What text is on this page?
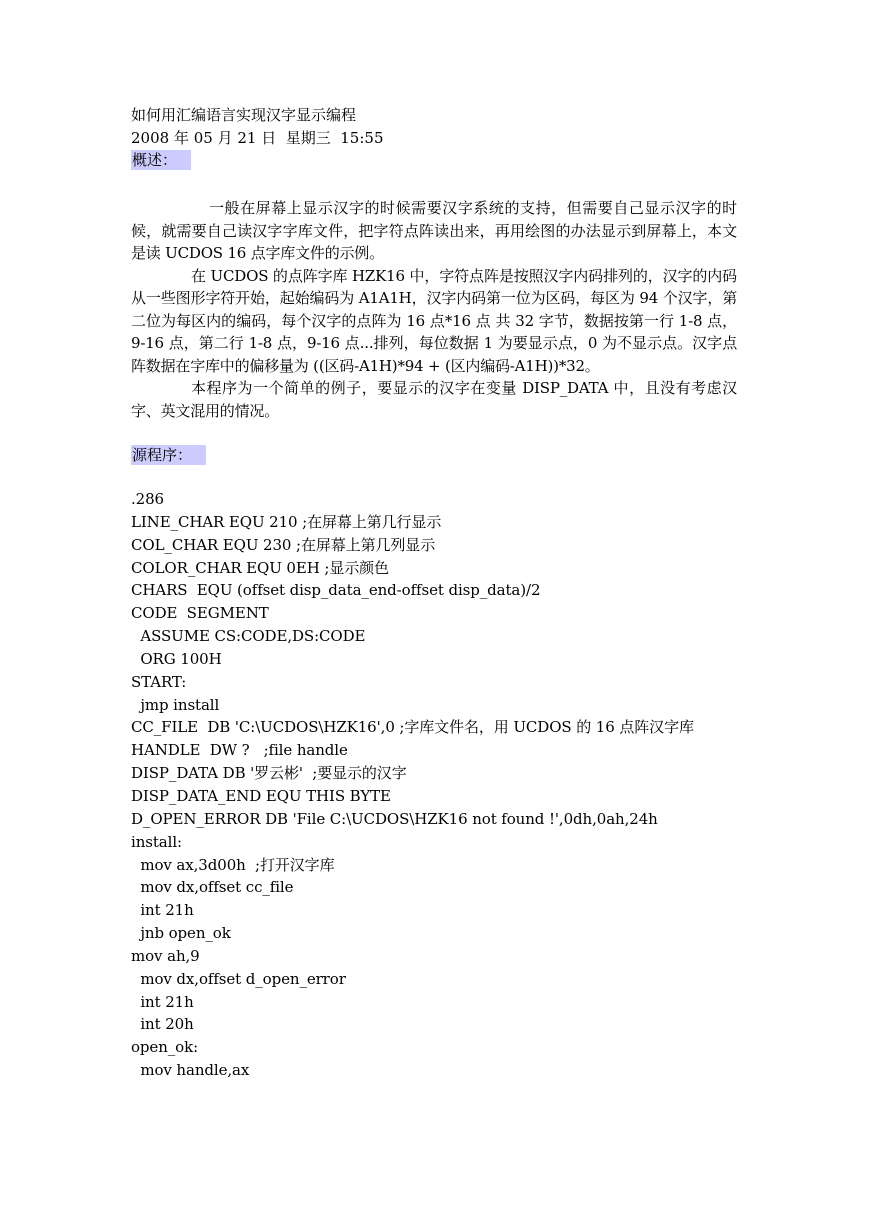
如何用汇编语言实现汉字显示编程
2008 年 05 月 21 日  星期三  15:55
概述：

一般在屏幕上显示汉字的时候需要汉字系统的支持，但需要自己显示汉字的时候，就需要自己读汉字字库文件，把字符点阵读出来，再用绘图的办法显示到屏幕上，本文是读 UCDOS 16 点字库文件的示例。

在 UCDOS 的点阵字库 HZK16 中，字符点阵是按照汉字内码排列的，汉字的内码从一些图形字符开始，起始编码为 A1A1H，汉字内码第一位为区码，每区为 94 个汉字，第二位为每区内的编码，每个汉字的点阵为 16 点*16 点 共 32 字节，数据按第一行 1-8 点，9-16 点，第二行 1-8 点，9-16 点...排列，每位数据 1 为要显示点，0 为不显示点。汉字点阵数据在字库中的偏移量为 ((区码-A1H)*94 + (区内编码-A1H))*32。

本程序为一个简单的例子，要显示的汉字在变量 DISP_DATA 中，且没有考虑汉字、英文混用的情况。

源程序：
.286
LINE_CHAR EQU 210 ;在屏幕上第几行显示
COL_CHAR EQU 230 ;在屏幕上第几列显示
COLOR_CHAR EQU 0EH ;显示颜色
CHARS  EQU (offset disp_data_end-offset disp_data)/2
CODE  SEGMENT
ASSUME CS:CODE,DS:CODE
ORG 100H
START:
jmp install
CC_FILE  DB 'C:\UCDOS\HZK16',0 ;字库文件名，用 UCDOS 的 16 点阵汉字库
HANDLE  DW ?   ;file handle
DISP_DATA DB '罗云彬'  ;要显示的汉字
DISP_DATA_END EQU THIS BYTE
D_OPEN_ERROR DB 'File C:\UCDOS\HZK16 not found !',0dh,0ah,24h
install:
mov ax,3d00h  ;打开汉字库
mov dx,offset cc_file
int 21h
jnb open_ok
mov ah,9
mov dx,offset d_open_error
int 21h
int 20h
open_ok:
mov handle,ax
